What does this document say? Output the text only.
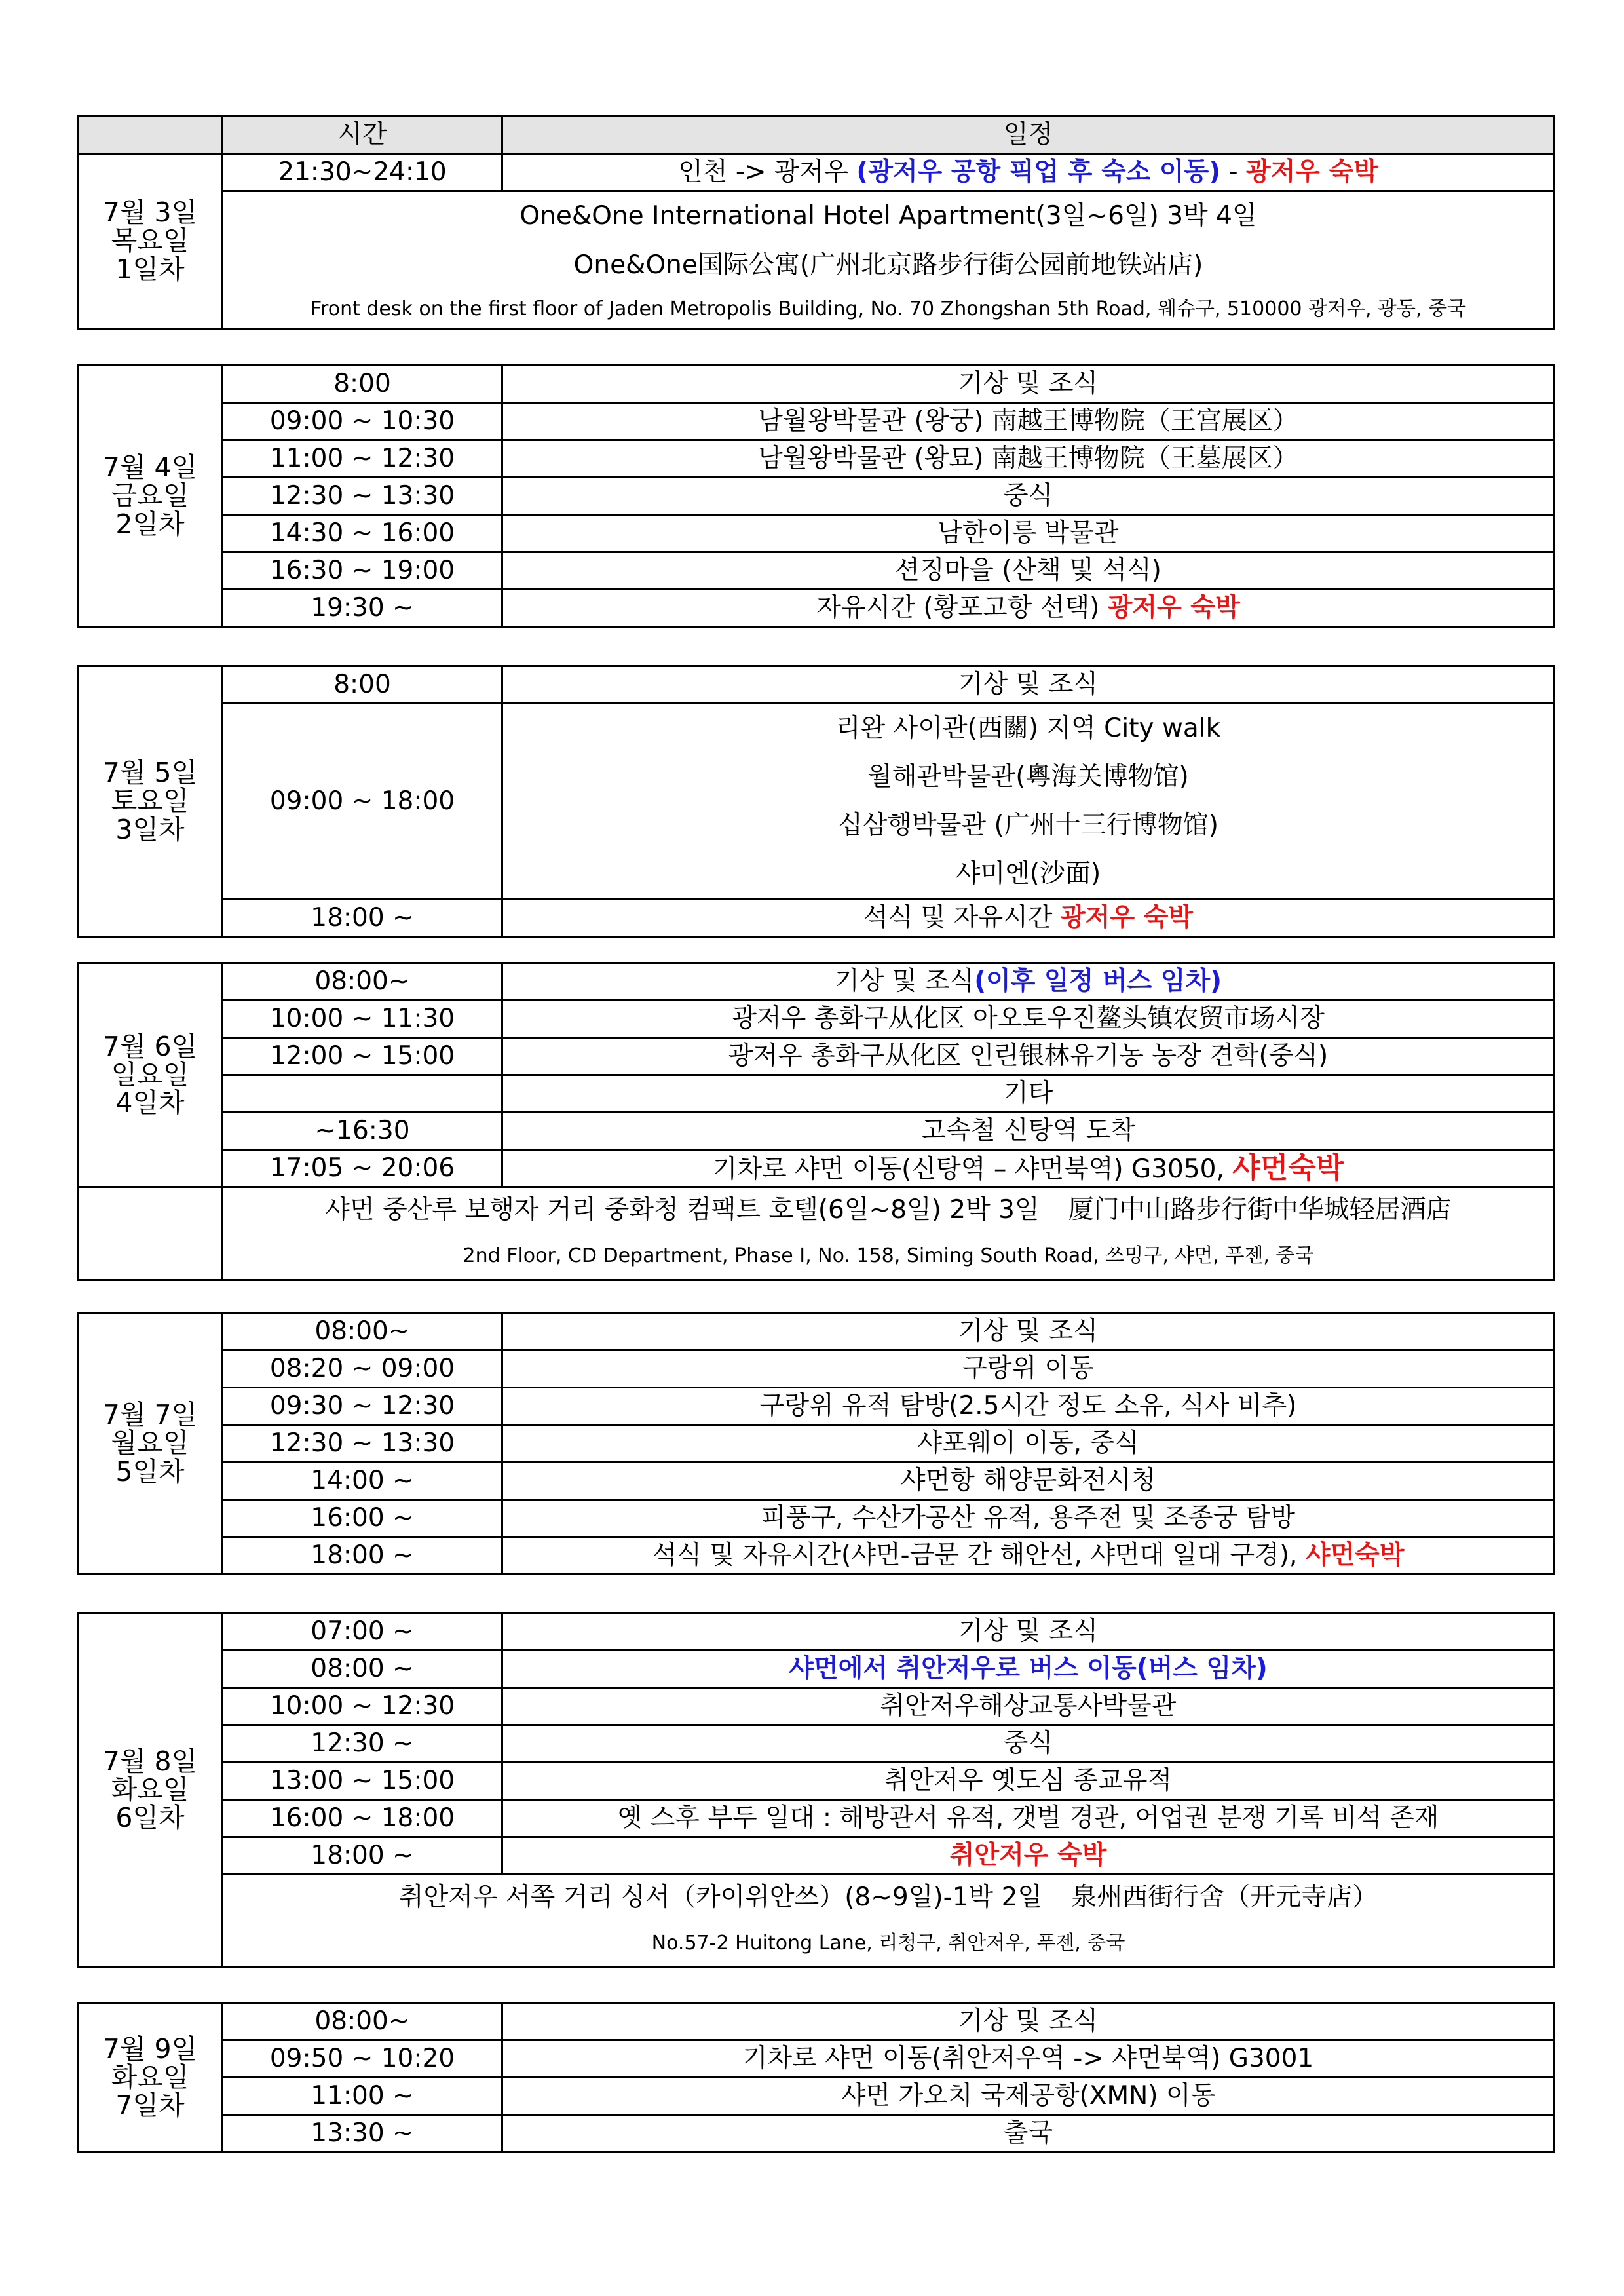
	시간	일정

7월 3일
목요일
1일차	21:30~24:10	인천 -> 광저우 (광저우 공항 픽업 후 숙소 이동) - 광저우 숙박
	One&One International Hotel Apartment(3일~6일) 3박 4일	
	One&One国际公寓(广州北京路步行街公园前地铁站店)	
	Front desk on the first floor of Jaden Metropolis Building, No. 70 Zhongshan 5th Road, 웨슈구, 510000 광저우, 광동, 중국	
7월 4일
금요일
2일차	8:00	기상 및 조식
	09:00 ~ 10:30	남월왕박물관 (왕궁) 南越王博物院（王宫展区）
	11:00 ~ 12:30	남월왕박물관 (왕묘) 南越王博物院（王墓展区）
	12:30 ~ 13:30	중식
	14:30 ~ 16:00	남한이릉 박물관
	16:30 ~ 19:00	션징마을 (산책 및 석식)
	19:30 ~	자유시간 (황포고항 선택) 광저우 숙박
7월 5일
토요일
3일차	8:00	기상 및 조식
	09:00 ~ 18:00	리완 사이관(西關) 지역 City walk
월해관박물관(粵海关博物馆)
십삼행박물관 (广州十三行博物馆)
샤미엔(沙面)

	18:00 ~	석식 및 자유시간 광저우 숙박
7월 6일
일요일
4일차	08:00~	기상 및 조식(이후 일정 버스 임차)
	10:00 ~ 11:30	광저우 총화구从化区 아오토우진鳌头镇农贸市场시장
	12:00 ~ 15:00	광저우 총화구从化区 인린银林유기농 농장 견학(중식)
		기타
	~16:30	고속철 신탕역 도착
	17:05 ~ 20:06	기차로 샤먼 이동(신탕역 – 샤먼북역) G3050, 샤먼숙박
	샤먼 중산루 보행자 거리 중화청 컴팩트 호텔(6일~8일) 2박 3일 厦门中山路步行街中华城轻居酒店	
	2nd Floor, CD Department, Phase I, No. 158, Siming South Road, 쓰밍구, 샤먼, 푸젠, 중국	
7월 7일
월요일
5일차	08:00~	기상 및 조식
	08:20 ~ 09:00	구랑위 이동
	09:30 ~ 12:30	구랑위 유적 탐방(2.5시간 정도 소유, 식사 비추)
	12:30 ~ 13:30	샤포웨이 이동, 중식
	14:00 ~	샤먼항 해양문화전시청
	16:00 ~	피풍구, 수산가공산 유적, 용주전 및 조종궁 탐방
	18:00 ~	석식 및 자유시간(샤먼-금문 간 해안선, 샤먼대 일대 구경), 샤먼숙박
7월 8일
화요일
6일차	07:00 ~	기상 및 조식
	08:00 ~	샤먼에서 취안저우로 버스 이동(버스 임차)
	10:00 ~ 12:30	취안저우해상교통사박물관
	12:30 ~	중식
	13:00 ~ 15:00	취안저우 옛도심 종교유적
	16:00 ~ 18:00	옛 스후 부두 일대 : 해방관서 유적, 갯벌 경관, 어업권 분쟁 기록 비석 존재
	18:00 ~	취안저우 숙박
	취안저우 서쪽 거리 싱서（카이위안쓰）(8~9일)-1박 2일 泉州西街行舍（开元寺店）	
	No.57-2 Huitong Lane, 리청구, 취안저우, 푸젠, 중국	
7월 9일
화요일
7일차	08:00~	기상 및 조식
	09:50 ~ 10:20	기차로 샤먼 이동(취안저우역 -> 샤먼북역) G3001
	11:00 ~	샤먼 가오치 국제공항(XMN) 이동
	13:30 ~	출국
